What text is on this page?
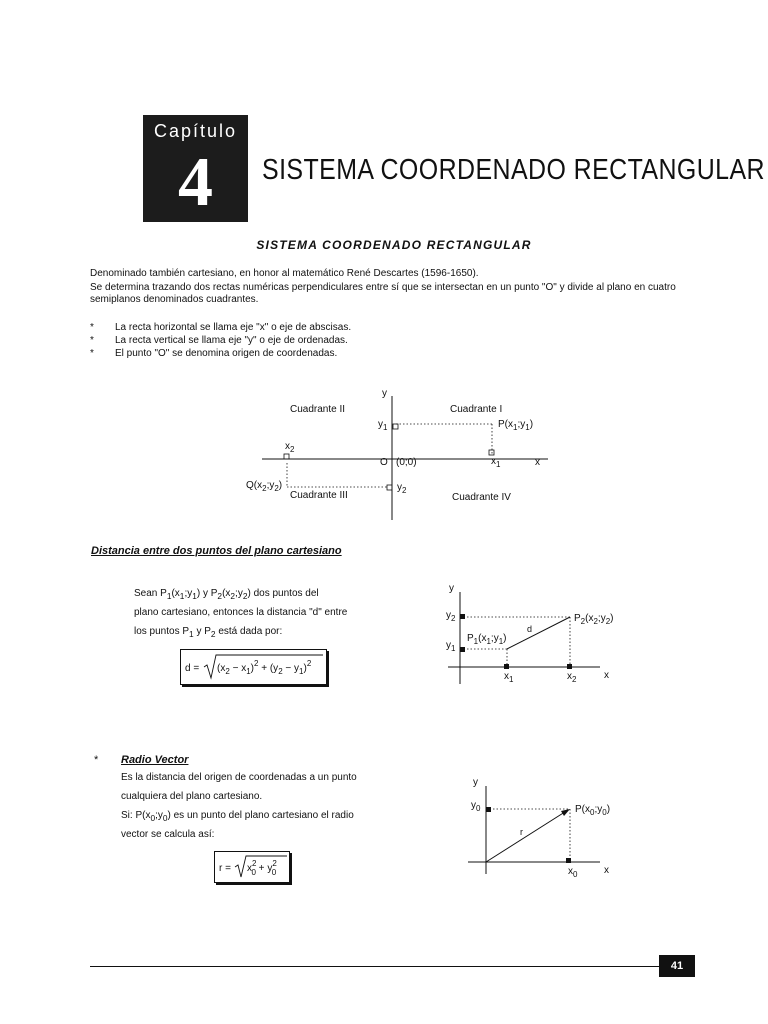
Capítulo
4	SISTEMA COORDENADO RECTANGULAR
SISTEMA COORDENADO RECTANGULAR
Denominado también cartesiano, en honor al matemático René Descartes (1596-1650).
Se determina trazando dos rectas numéricas perpendiculares entre sí que se intersectan en un punto "O" y divide al plano en cuatro semiplanos denominados cuadrantes.
* La recta horizontal se llama eje "x" o eje de abscisas.
* La recta vertical se llama eje "y" o eje de ordenadas.
* El punto "O" se denomina origen de coordenadas.
y
x
Cuadrante II	Cuadrante I
Cuadrante III	Cuadrante IV
O (0;0)
$y_1$
$x_1$
$x_2$
$y_2$
$P(x_1;y_1)$
$Q(x_2;y_2)$
Distancia entre dos puntos del plano cartesiano
Sean $P_1(x_1;y_1)$ y $P_2(x_2;y_2)$ dos puntos del
plano cartesiano, entonces la distancia "d" entre
los puntos $P_1$ y $P_2$ está dada por:
$d = (x_2 - x_1)^2 + (y_2 - y_1)^2$
y
x
d
$y_2$
$y_1$
$x_1$	$x_2$
$P_1(x_1;y_1)$
$P_2(x_2;y_2)$
* Radio Vector
Es la distancia del origen de coordenadas a un punto
cualquiera del plano cartesiano.
Si: $P(x_0;y_0)$ es un punto del plano cartesiano el radio
vector se calcula así:
$r = x^2$ $0 + y^2$ 0
y
x
r
$y_0$
$x_0$
$P(x_0;y_0)$
41
